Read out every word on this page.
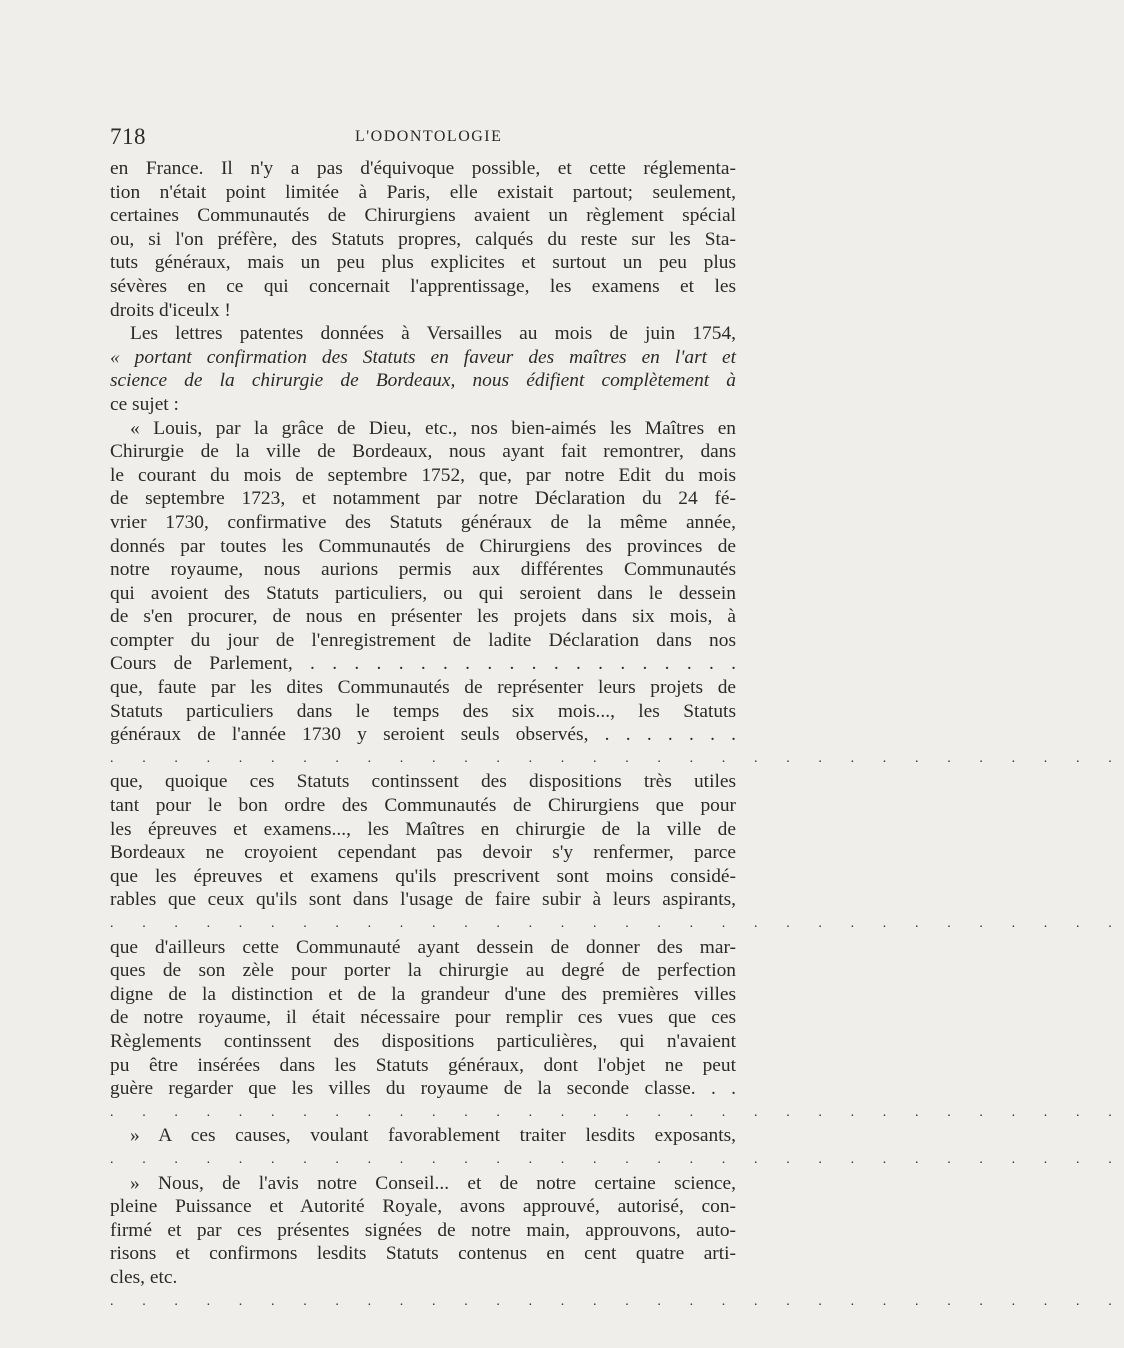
718	L'ODONTOLOGIE
en France. Il n'y a pas d'équivoque possible, et cette réglementa-
tion n'était point limitée à Paris, elle existait partout; seulement,
certaines Communautés de Chirurgiens avaient un règlement spécial
ou, si l'on préfère, des Statuts propres, calqués du reste sur les Sta-
tuts généraux, mais un peu plus explicites et surtout un peu plus
sévères en ce qui concernait l'apprentissage, les examens et les
droits d'iceulx !
Les lettres patentes données à Versailles au mois de juin 1754,
« portant confirmation des Statuts en faveur des maîtres en l'art et
science de la chirurgie de Bordeaux, nous édifient complètement à
ce sujet :
« Louis, par la grâce de Dieu, etc., nos bien-aimés les Maîtres en
Chirurgie de la ville de Bordeaux, nous ayant fait remontrer, dans
le courant du mois de septembre 1752, que, par notre Edit du mois
de septembre 1723, et notamment par notre Déclaration du 24 fé-
vrier 1730, confirmative des Statuts généraux de la même année,
donnés par toutes les Communautés de Chirurgiens des provinces de
notre royaume, nous aurions permis aux différentes Communautés
qui avoient des Statuts particuliers, ou qui seroient dans le dessein
de s'en procurer, de nous en présenter les projets dans six mois, à
compter du jour de l'enregistrement de ladite Déclaration dans nos
Cours de Parlement, . . . . . . . . . . . . . . . . . . . .
que, faute par les dites Communautés de représenter leurs projets de
Statuts particuliers dans le temps des six mois..., les Statuts
généraux de l'année 1730 y seroient seuls observés, . . . . . . .
. . . . . . . . . . . . . . . . . . . . . . . . . . . . . . . .
que, quoique ces Statuts continssent des dispositions très utiles
tant pour le bon ordre des Communautés de Chirurgiens que pour
les épreuves et examens..., les Maîtres en chirurgie de la ville de
Bordeaux ne croyoient cependant pas devoir s'y renfermer, parce
que les épreuves et examens qu'ils prescrivent sont moins considé-
rables que ceux qu'ils sont dans l'usage de faire subir à leurs aspirants,
. . . . . . . . . . . . . . . . . . . . . . . . . . . . . . . .
que d'ailleurs cette Communauté ayant dessein de donner des mar-
ques de son zèle pour porter la chirurgie au degré de perfection
digne de la distinction et de la grandeur d'une des premières villes
de notre royaume, il était nécessaire pour remplir ces vues que ces
Règlements continssent des dispositions particulières, qui n'avaient
pu être insérées dans les Statuts généraux, dont l'objet ne peut
guère regarder que les villes du royaume de la seconde classe. . .
. . . . . . . . . . . . . . . . . . . . . . . . . . . . . . . .
» A ces causes, voulant favorablement traiter lesdits exposants,
. . . . . . . . . . . . . . . . . . . . . . . . . . . . . . . .
» Nous, de l'avis notre Conseil... et de notre certaine science,
pleine Puissance et Autorité Royale, avons approuvé, autorisé, con-
firmé et par ces présentes signées de notre main, approuvons, auto-
risons et confirmons lesdits Statuts contenus en cent quatre arti-
cles, etc.
. . . . . . . . . . . . . . . . . . . . . . . . . . . . . . . .
